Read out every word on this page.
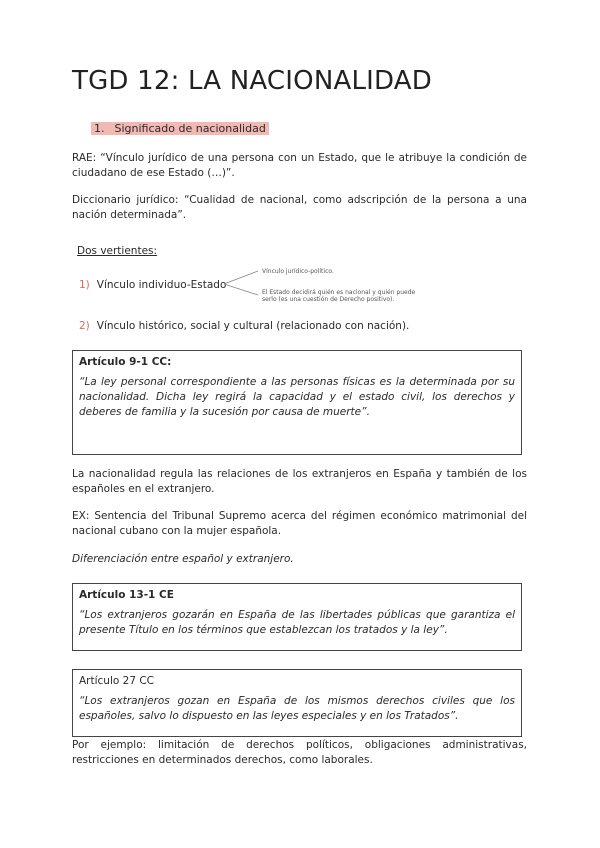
TGD 12: LA NACIONALIDAD
1. Significado de nacionalidad
RAE: “Vínculo jurídico de una persona con un Estado, que le atribuye la condición de ciudadano de ese Estado (…)”.
Diccionario jurídico: “Cualidad de nacional, como adscripción de la persona a una nación determinada”.
Dos vertientes:
1) Vínculo individuo-Estado
Vínculo jurídico-político.
El Estado decidirá quién es nacional y quién puede serlo (es una cuestión de Derecho positivo).
2) Vínculo histórico, social y cultural (relacionado con nación).
Artículo 9-1 CC:
“La ley personal correspondiente a las personas físicas es la determinada por su nacionalidad. Dicha ley regirá la capacidad y el estado civil, los derechos y deberes de familia y la sucesión por causa de muerte”.
La nacionalidad regula las relaciones de los extranjeros en España y también de los españoles en el extranjero.
EX: Sentencia del Tribunal Supremo acerca del régimen económico matrimonial del nacional cubano con la mujer española.
Diferenciación entre español y extranjero.
Artículo 13-1 CE
“Los extranjeros gozarán en España de las libertades públicas que garantiza el presente Título en los términos que establezcan los tratados y la ley”.
Artículo 27 CC
“Los extranjeros gozan en España de los mismos derechos civiles que los españoles, salvo lo dispuesto en las leyes especiales y en los Tratados”.
Por ejemplo: limitación de derechos políticos, obligaciones administrativas, restricciones en determinados derechos, como laborales.
